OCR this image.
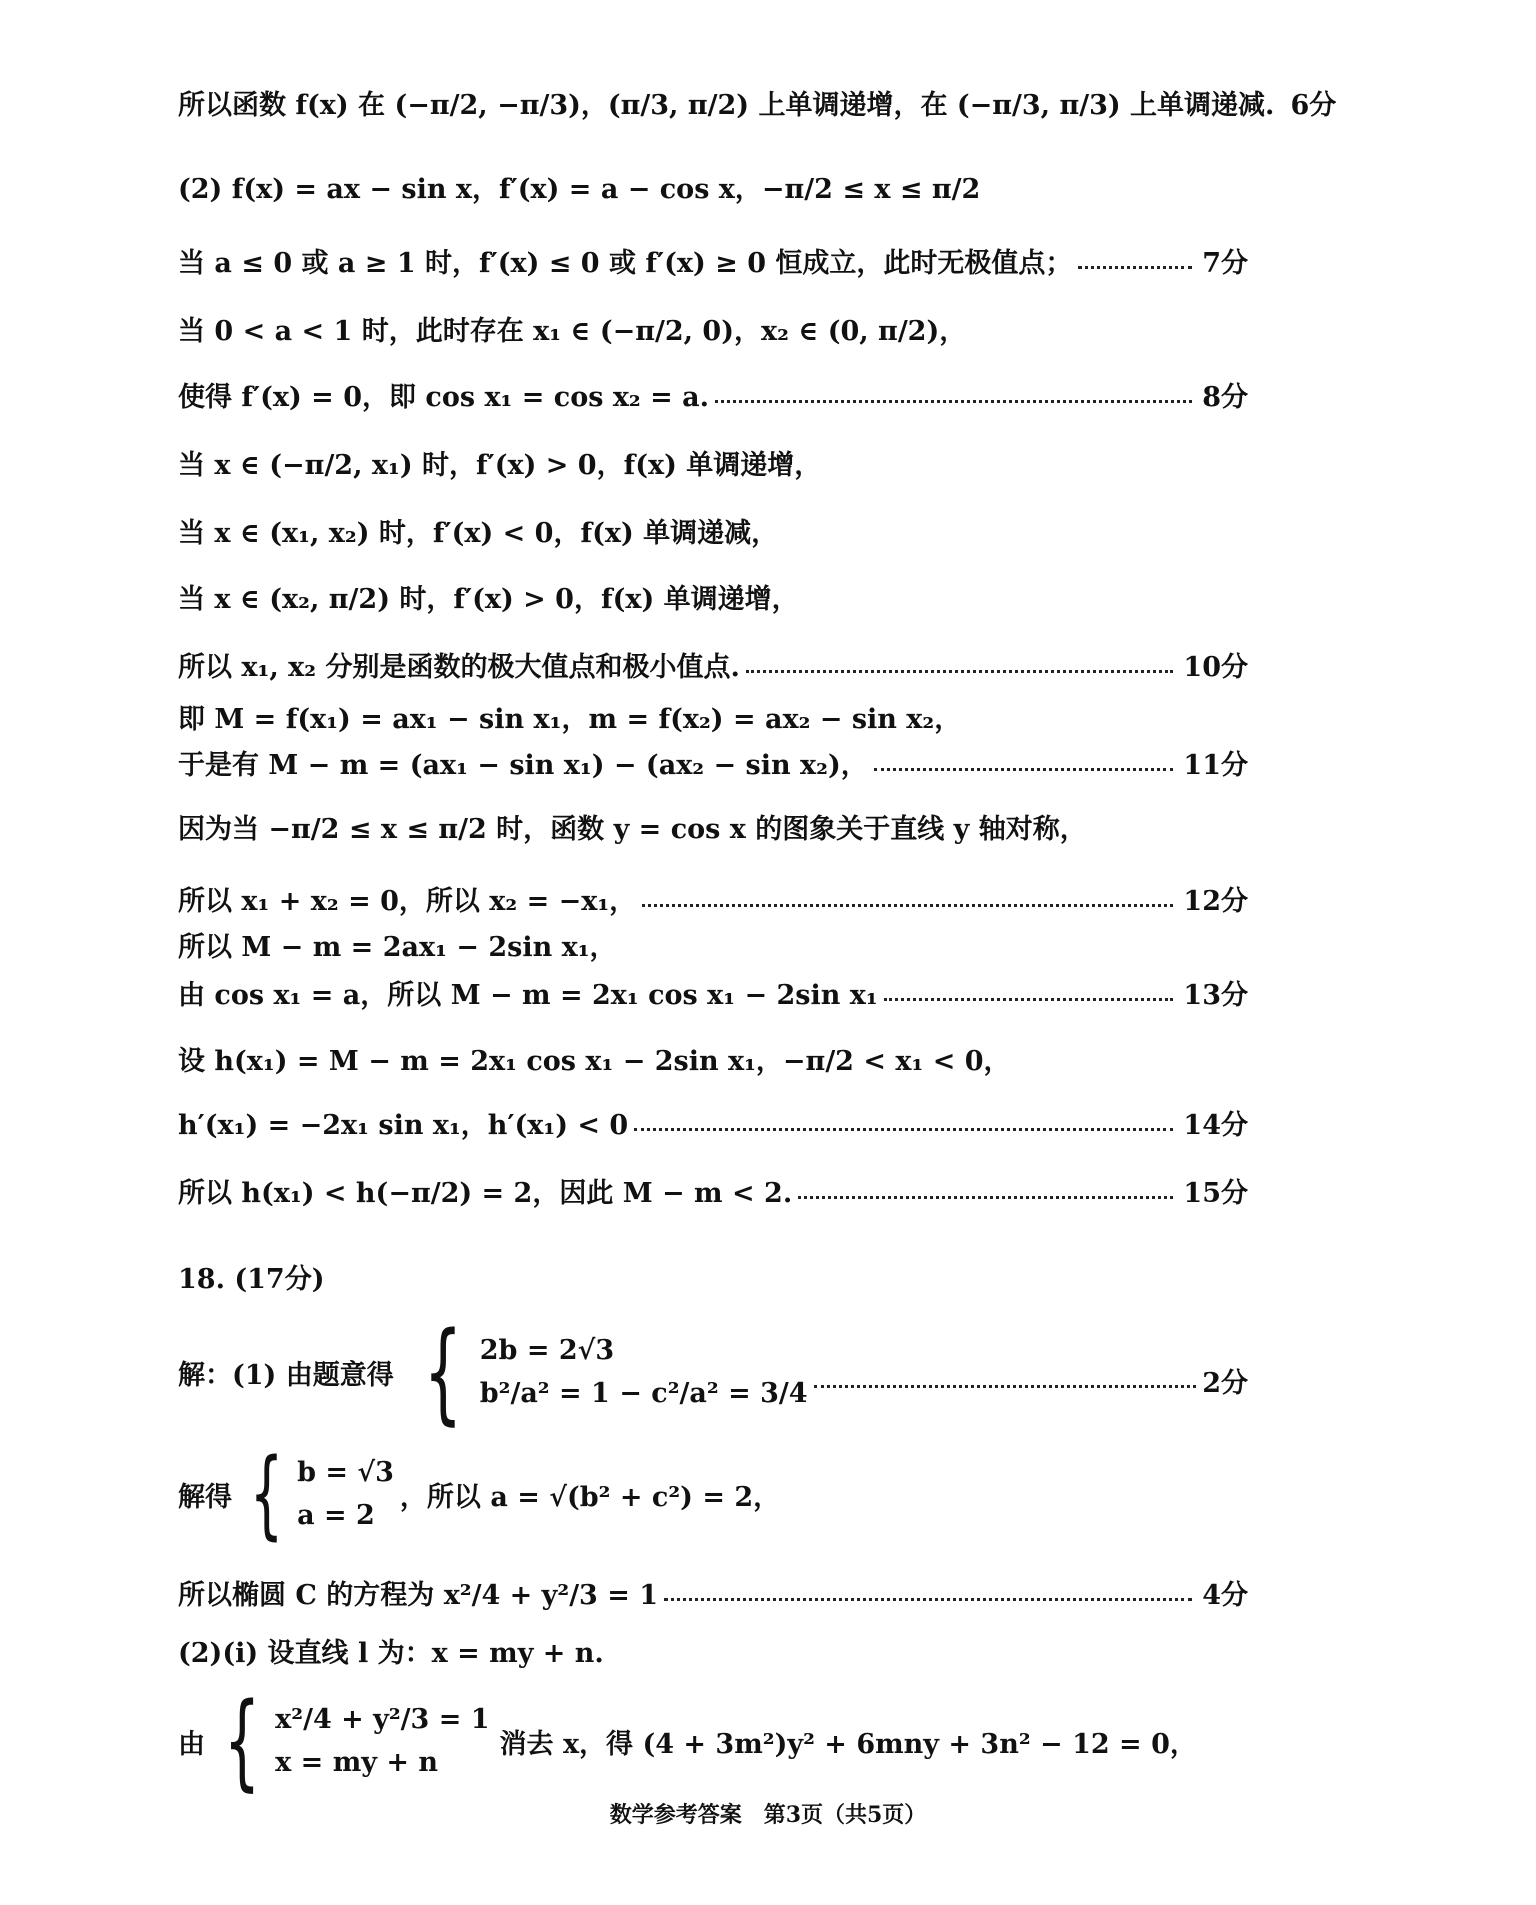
所以函数 f(x) 在 (−π/2, −π/3)，(π/3, π/2) 上单调递增，在 (−π/3, π/3) 上单调递减. 6分
(2) f(x) = ax − sin x，f′(x) = a − cos x，−π/2 ≤ x ≤ π/2
当 a ≤ 0 或 a ≥ 1 时，f′(x) ≤ 0 或 f′(x) ≥ 0 恒成立，此时无极值点；	7分
当 0 < a < 1 时，此时存在 x₁ ∈ (−π/2, 0)，x₂ ∈ (0, π/2)，
使得 f′(x) = 0，即 cos x₁ = cos x₂ = a.	8分
当 x ∈ (−π/2, x₁) 时，f′(x) > 0，f(x) 单调递增，
当 x ∈ (x₁, x₂) 时，f′(x) < 0，f(x) 单调递减，
当 x ∈ (x₂, π/2) 时，f′(x) > 0，f(x) 单调递增，
所以 x₁, x₂ 分别是函数的极大值点和极小值点.	10分
即 M = f(x₁) = ax₁ − sin x₁，m = f(x₂) = ax₂ − sin x₂，
于是有 M − m = (ax₁ − sin x₁) − (ax₂ − sin x₂)，	11分
因为当 −π/2 ≤ x ≤ π/2 时，函数 y = cos x 的图象关于直线 y 轴对称，
所以 x₁ + x₂ = 0，所以 x₂ = −x₁，	12分
所以 M − m = 2ax₁ − 2sin x₁，
由 cos x₁ = a，所以 M − m = 2x₁ cos x₁ − 2sin x₁	13分
设 h(x₁) = M − m = 2x₁ cos x₁ − 2sin x₁，−π/2 < x₁ < 0，
h′(x₁) = −2x₁ sin x₁，h′(x₁) < 0	14分
所以 h(x₁) < h(−π/2) = 2，因此 M − m < 2.	15分
18. (17分)
解：(1) 由题意得 { 2b = 2√3
b²/a² = 1 − c²/a² = 3/4	2分
解得 { b = √3
a = 2
，所以 a = √(b² + c²) = 2，
所以椭圆 C 的方程为 x²/4 + y²/3 = 1	4分
(2)(i) 设直线 l 为：x = my + n.
由 { x²/4 + y²/3 = 1
x = my + n
消去 x，得 (4 + 3m²)y² + 6mny + 3n² − 12 = 0，
数学参考答案　第3页（共5页）
